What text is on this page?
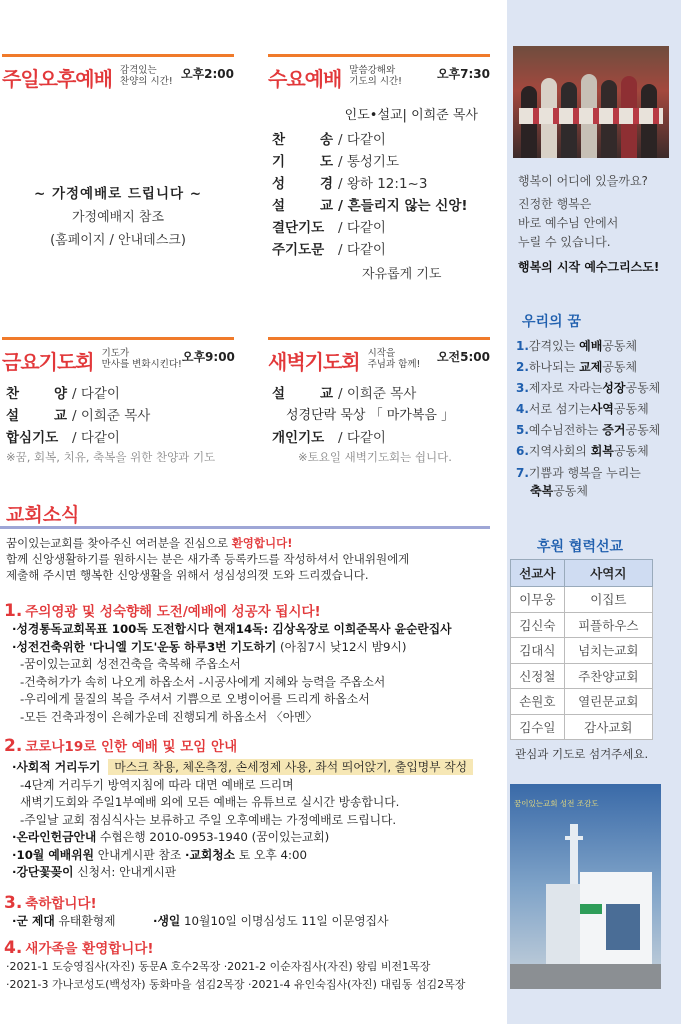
주일오후예배 감격있는
찬양의 시간!
오후2:00
~ 가정예배로 드립니다 ~
가정예배지 참조
(홈페이지 / 안내데스크)
수요예배 말씀강해와
기도의 시간!
오후7:30
인도•설교| 이희준 목사
찬 송 / 다같이
기 도 / 통성기도
성 경 / 왕하 12:1~3
설 교 / 흔들리지 않는 신앙!
결단기도	/ 다같이
주기도문	/ 다같이
자유롭게 기도
금요기도회 기도가
만사를 변화시킨다!
오후9:00
찬 양 / 다같이
설 교 / 이희준 목사
합심기도	/ 다같이
※꿈, 회복, 치유, 축복을 위한 찬양과 기도
새벽기도회 시작을
주님과 함께!
오전5:00
설 교 / 이희준 목사
성경단락 묵상 「 마가복음 」
개인기도	/ 다같이
※토요일 새벽기도회는 쉽니다.
교회소식
꿈이있는교회를 찾아주신 여러분을 진심으로 환영합니다!
함께 신앙생활하기를 원하시는 분은 새가족 등록카드를 작성하셔서 안내위원에게
제출해 주시면 행복한 신앙생활을 위해서 성심성의껏 도와 드리겠습니다.
1. 주의영광 및 성숙향해 도전/예배에 성공자 됩시다!
·성경통독교회목표 100독 도전합시다 현재14독: 김상옥장로 이희준목사 윤순란집사
·성전건축위한 '다니엘 기도'운동 하루3번 기도하기 (아침7시 낮12시 밤9시)
-꿈이있는교회 성전건축을 축복해 주옵소서
-건축허가가 속히 나오게 하옵소서 -시공사에게 지혜와 능력을 주옵소서
-우리에게 물질의 복을 주셔서 기쁨으로 오병이어를 드리게 하옵소서
-모든 건축과정이 은혜가운데 진행되게 하옵소서 〈아멘〉
2. 코로나19로 인한 예배 및 모임 안내
·사회적 거리두기 마스크 착용, 체온측정, 손세정제 사용, 좌석 띄어앉기, 출입명부 작성
-4단계 거리두기 방역지침에 따라 대면 예배로 드리며
새벽기도회와 주일1부예배 외에 모든 예배는 유튜브로 실시간 방송합니다.
-주일날 교회 점심식사는 보류하고 주일 오후예배는 가정예배로 드립니다.
·온라인헌금안내 수협은행 2010-0953-1940 (꿈이있는교회)
·10월 예배위원 안내게시판 참조 ·교회청소 토 오후 4:00
·강단꽃꽂이 신청서: 안내게시판
3. 축하합니다!
·군 제대 유태환형제          ·생일 10월10일 이명심성도 11일 이문영집사
4. 새가족을 환영합니다!
·2021-1 도승영집사(자진) 동문A 호수2목장 ·2021-2 이순자집사(자진) 왕림 비전1목장
·2021-3 가나코성도(백성자) 동화마을 섬김2목장 ·2021-4 유인숙집사(자진) 대림동 섬김2목장
행복이 어디에 있을까요?
진정한 행복은
바로 예수님 안에서
누릴 수 있습니다.
행복의 시작 예수그리스도!
우리의 꿈
1.감격있는 예배공동체
2.하나되는 교제공동체
3.제자로 자라는성장공동체
4.서로 섬기는사역공동체
5.예수님전하는 증거공동체
6.지역사회의 회복공동체
7.기쁨과 행복을 누리는
축복공동체
후원 협력선교
선교사	사역지
이무웅	이집트
김신숙	피플하우스
김대식	넘치는교회
신정철	주찬양교회
손원호	열린문교회
김수일	감사교회
관심과 기도로 섬겨주세요.
꿈이있는교회 성전 조감도
